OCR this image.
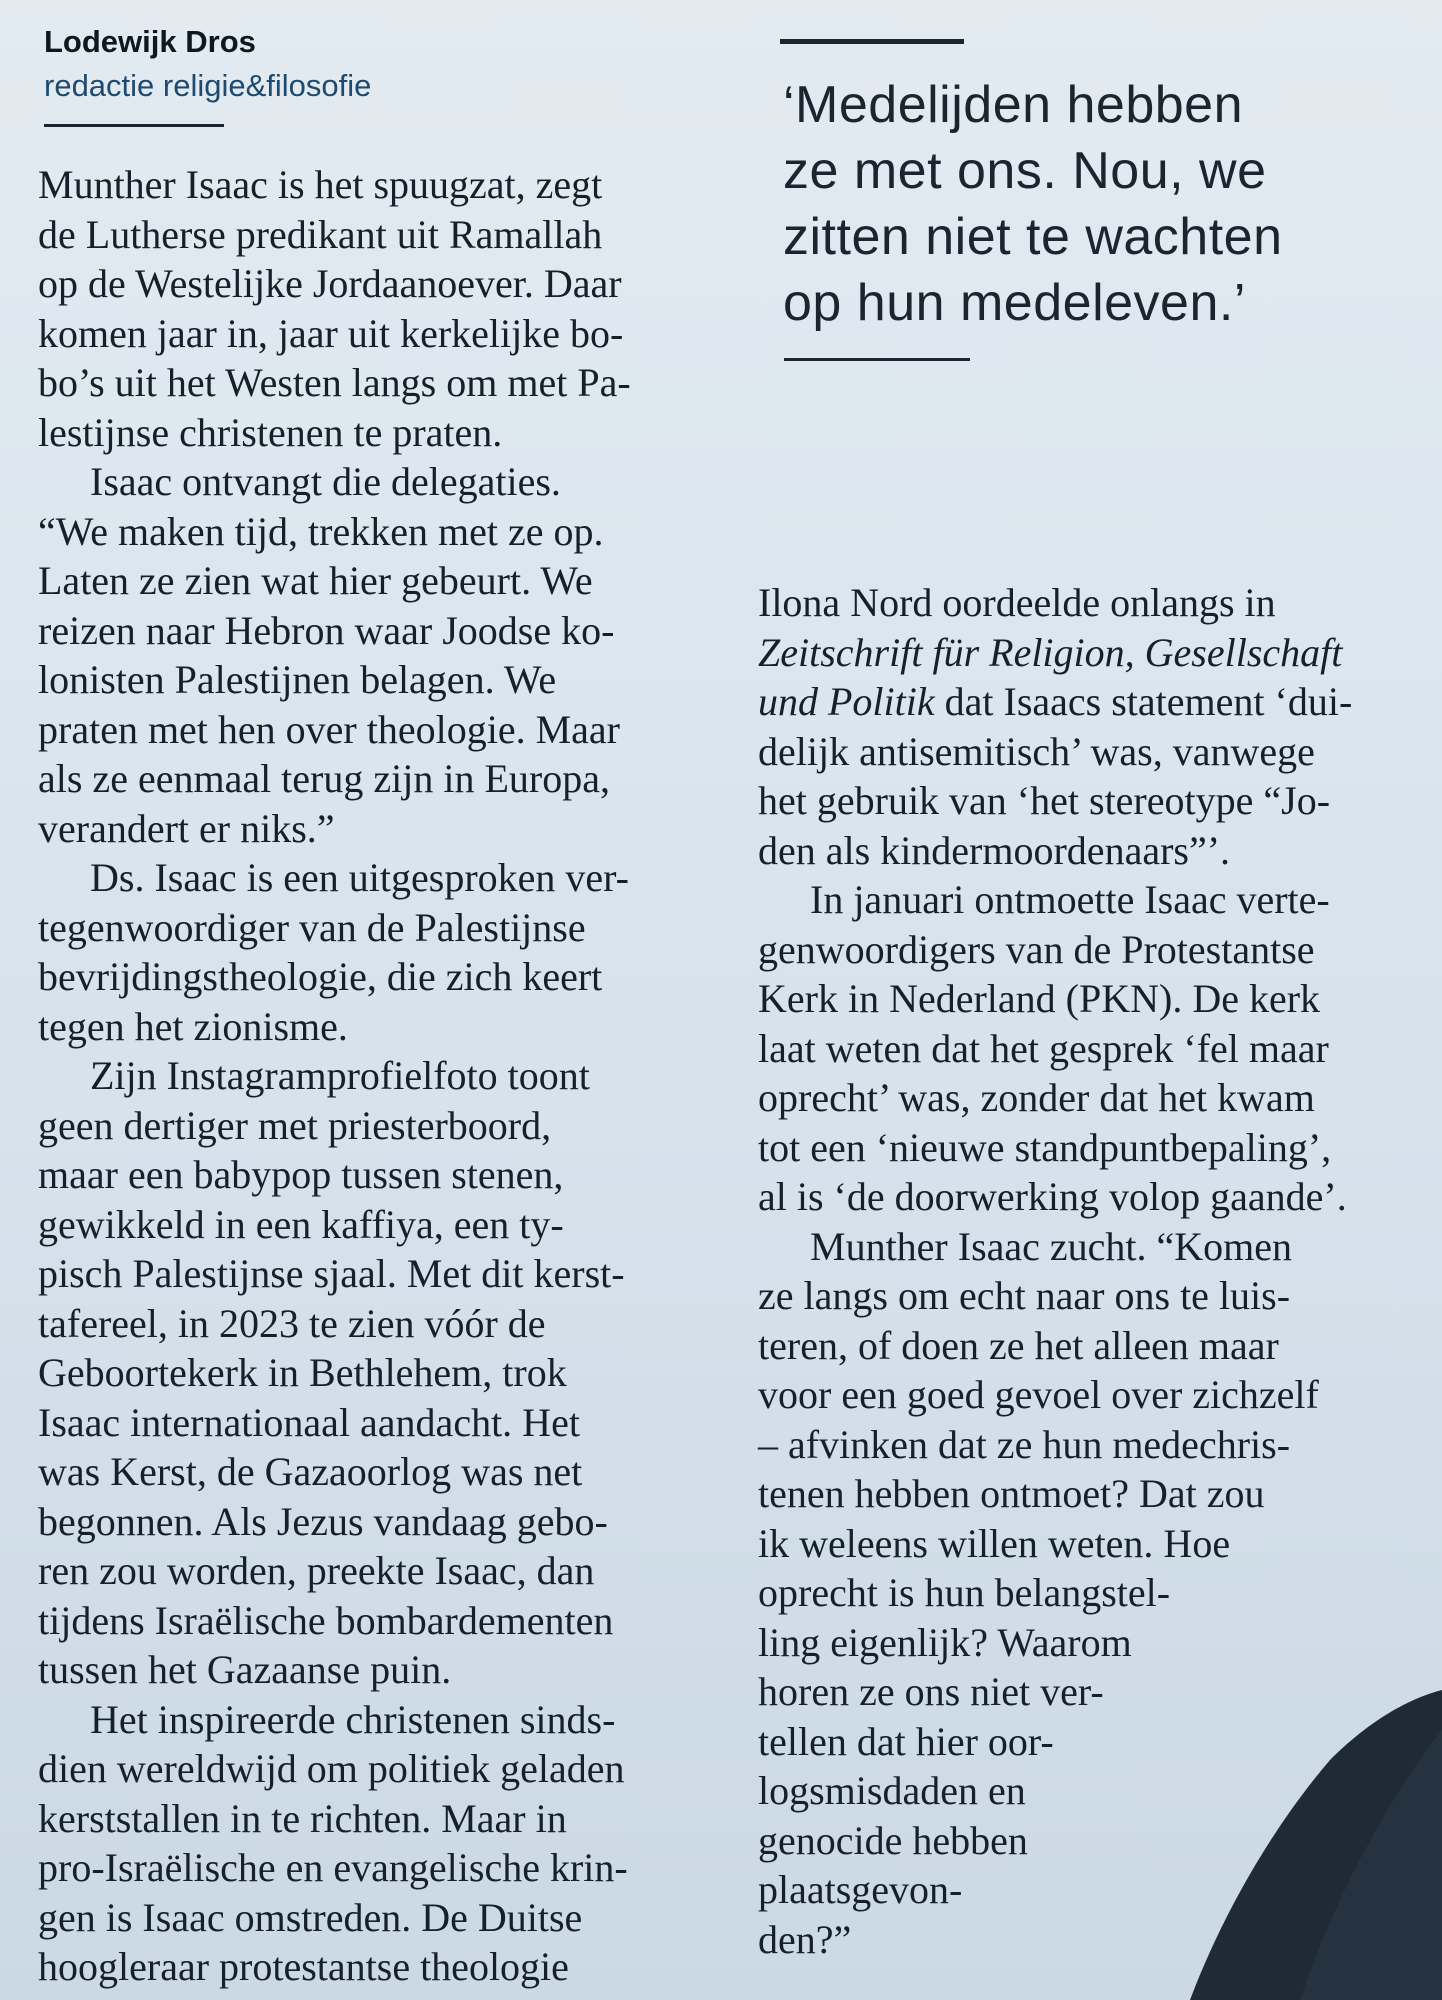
Lodewijk Dros

redactie religie&filosofie	‘Medelijden hebben
ze met ons. Nou, we
zitten niet te wachten
op hun medeleven.’
Munther Isaac is het spuugzat, zegt
de Lutherse predikant uit Ramallah
op de Westelijke Jordaanoever. Daar
komen jaar in, jaar uit kerkelijke bo-
bo’s uit het Westen langs om met Pa-
lestijnse christenen te praten.
Isaac ontvangt die delegaties.
“We maken tijd, trekken met ze op.
Laten ze zien wat hier gebeurt. We
reizen naar Hebron waar Joodse ko-
lonisten Palestijnen belagen. We
praten met hen over theologie. Maar
als ze eenmaal terug zijn in Europa,
verandert er niks.”
Ds. Isaac is een uitgesproken ver-
tegenwoordiger van de Palestijnse
bevrijdingstheologie, die zich keert
tegen het zionisme.
Zijn Instagramprofielfoto toont
geen dertiger met priesterboord,
maar een babypop tussen stenen,
gewikkeld in een kaffiya, een ty-
pisch Palestijnse sjaal. Met dit kerst-
tafereel, in 2023 te zien vóór de
Geboortekerk in Bethlehem, trok
Isaac internationaal aandacht. Het
was Kerst, de Gazaoorlog was net
begonnen. Als Jezus vandaag gebo-
ren zou worden, preekte Isaac, dan
tijdens Israëlische bombardementen
tussen het Gazaanse puin.
Het inspireerde christenen sinds-
dien wereldwijd om politiek geladen
kerststallen in te richten. Maar in
pro-Israëlische en evangelische krin-
gen is Isaac omstreden. De Duitse
hoogleraar protestantse theologie
Ilona Nord oordeelde onlangs in
Zeitschrift für Religion, Gesellschaft
und Politik dat Isaacs statement ‘dui-
delijk antisemitisch’ was, vanwege
het gebruik van ‘het stereotype “Jo-
den als kindermoordenaars”’.
In januari ontmoette Isaac verte-
genwoordigers van de Protestantse
Kerk in Nederland (PKN). De kerk
laat weten dat het gesprek ‘fel maar
oprecht’ was, zonder dat het kwam
tot een ‘nieuwe standpuntbepaling’,
al is ‘de doorwerking volop gaande’.
Munther Isaac zucht. “Komen
ze langs om echt naar ons te luis-
teren, of doen ze het alleen maar
voor een goed gevoel over zichzelf
– afvinken dat ze hun medechris-
tenen hebben ontmoet? Dat zou
ik weleens willen weten. Hoe
oprecht is hun belangstel-
ling eigenlijk? Waarom
horen ze ons niet ver-
tellen dat hier oor-
logsmisdaden en
genocide hebben
plaatsgevon-
den?”
